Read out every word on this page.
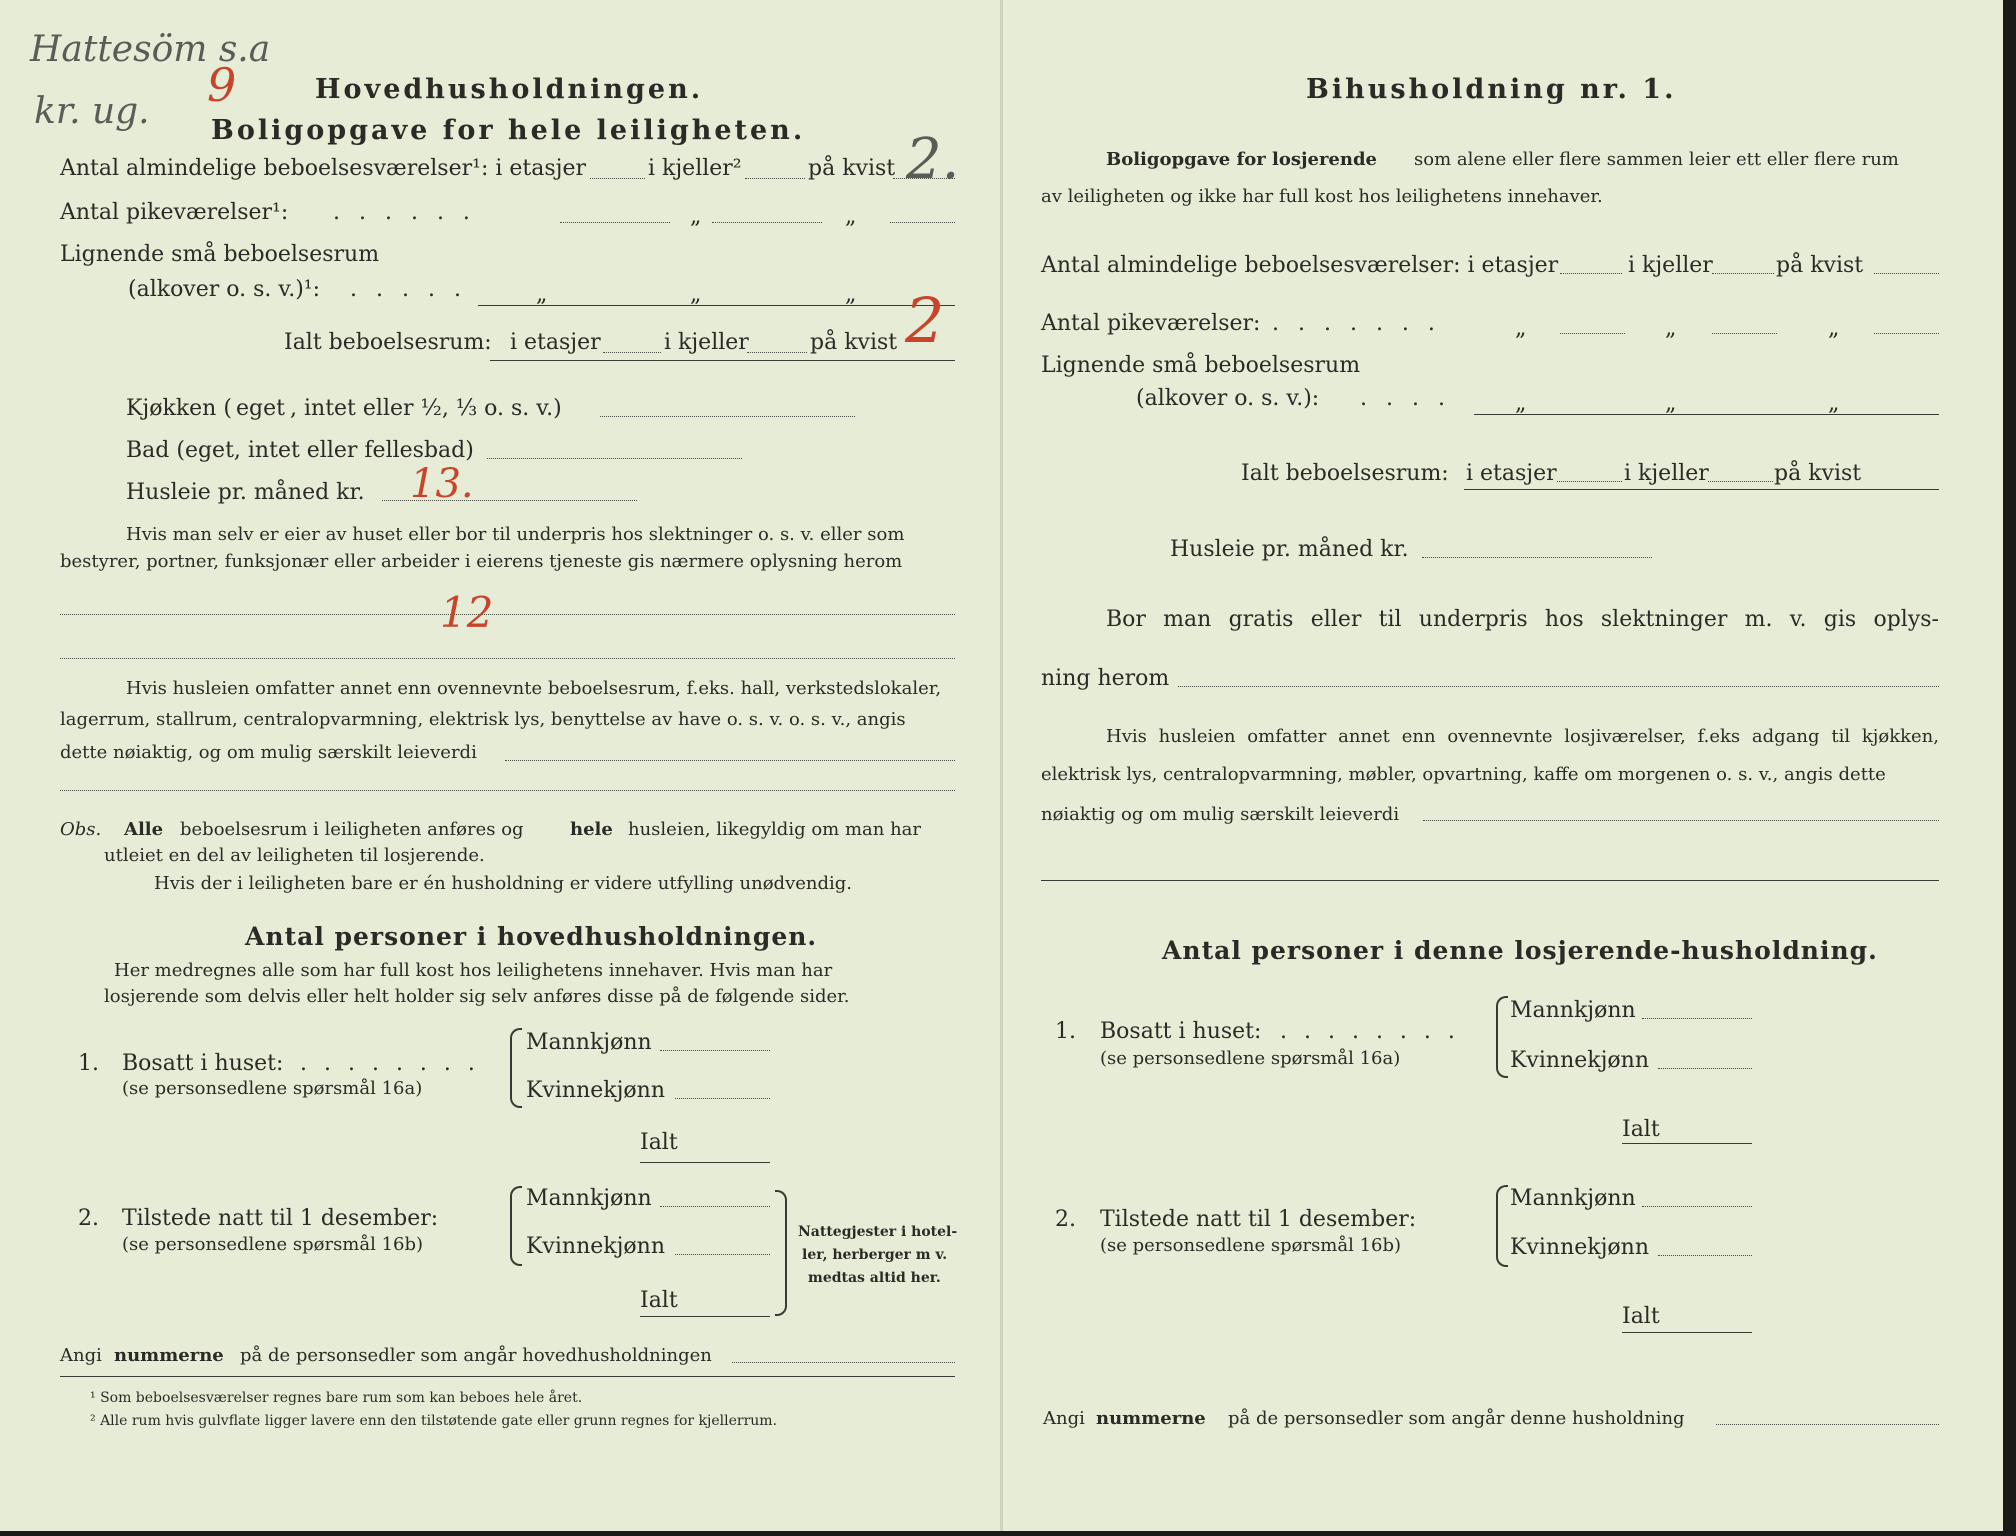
Hattesöm s.a
kr. ug. 9	Hovedhusholdningen.
Boligopgave for hele leiligheten.
Antal almindelige beboelsesværelser¹: i etasjer	i kjeller²	på kvist 2.
Antal pikeværelser¹: . . . . . .	„	„
Lignende små beboelsesrum
(alkover o. s. v.)¹: . . . . .	„	„	„
Ialt beboelsesrum: i etasjer	i kjeller	på kvist 2
Kjøkken ( eget , intet eller ½, ⅓ o. s. v.)
Bad (eget, intet eller fellesbad)
Husleie pr. måned kr. 13.
Hvis man selv er eier av huset eller bor til underpris hos slektninger o. s. v. eller som
bestyrer, portner, funksjonær eller arbeider i eierens tjeneste gis nærmere oplysning herom
12
Hvis husleien omfatter annet enn ovennevnte beboelsesrum, f.eks. hall, verkstedslokaler,
lagerrum, stallrum, centralopvarmning, elektrisk lys, benyttelse av have o. s. v. o. s. v., angis
dette nøiaktig, og om mulig særskilt leieverdi
Obs. Alle beboelsesrum i leiligheten anføres og	hele husleien, likegyldig om man har
utleiet en del av leiligheten til losjerende.
Hvis der i leiligheten bare er én husholdning er videre utfylling unødvendig.
Antal personer i hovedhusholdningen.
Her medregnes alle som har full kost hos leilighetens innehaver. Hvis man har
losjerende som delvis eller helt holder sig selv anføres disse på de følgende sider.
1. Bosatt i huset: . . . . . . . .
(se personsedlene spørsmål 16a)
Mannkjønn
Kvinnekjønn
Ialt
2. Tilstede natt til 1 desember:
(se personsedlene spørsmål 16b)
Mannkjønn
Kvinnekjønn
Ialt
Nattegjester i hotel-
ler, herberger m v.
medtas altid her.
Angi nummerne på de personsedler som angår hovedhusholdningen
¹ Som beboelsesværelser regnes bare rum som kan beboes hele året.
² Alle rum hvis gulvflate ligger lavere enn den tilstøtende gate eller grunn regnes for kjellerrum.
Bihusholdning nr. 1.
Boligopgave for losjerende som alene eller flere sammen leier ett eller flere rum
av leiligheten og ikke har full kost hos leilighetens innehaver.
Antal almindelige beboelsesværelser: i etasjer	i kjeller	på kvist
Antal pikeværelser: . . . . . . .	„	„	„
Lignende små beboelsesrum
(alkover o. s. v.): . . . .	„	„	„
Ialt beboelsesrum: i etasjer	i kjeller	på kvist
Husleie pr. måned kr.
Bor man gratis eller til underpris hos slektninger m. v. gis oplys-
ning herom
Hvis husleien omfatter annet enn ovennevnte losjiværelser, f.eks adgang til kjøkken,
elektrisk lys, centralopvarmning, møbler, opvartning, kaffe om morgenen o. s. v., angis dette
nøiaktig og om mulig særskilt leieverdi
Antal personer i denne losjerende-husholdning.
1. Bosatt i huset: . . . . . . . .
(se personsedlene spørsmål 16a)
Mannkjønn
Kvinnekjønn
Ialt
2. Tilstede natt til 1 desember:
(se personsedlene spørsmål 16b)
Mannkjønn
Kvinnekjønn
Ialt
Angi nummerne på de personsedler som angår denne husholdning
